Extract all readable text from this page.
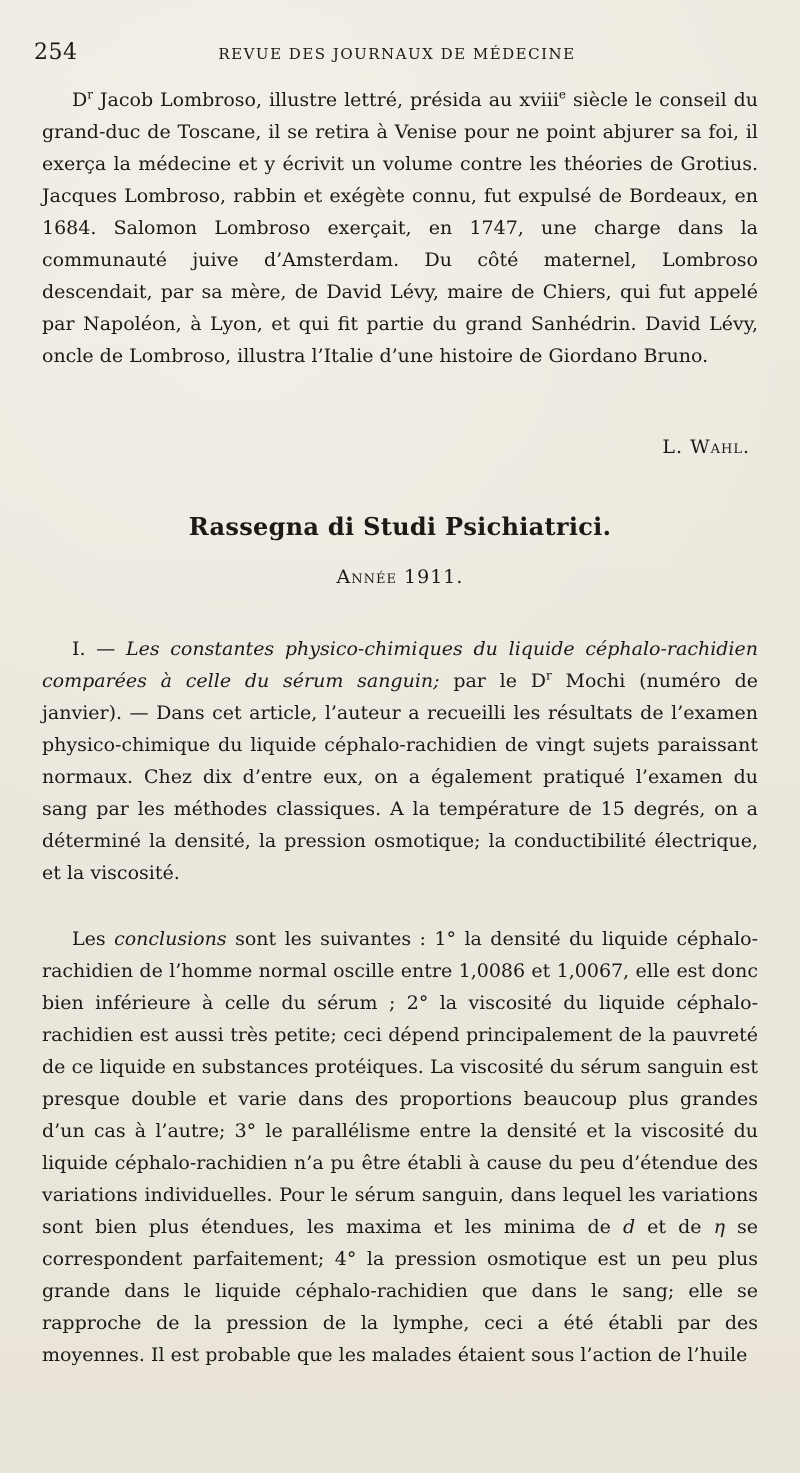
254	REVUE DES JOURNAUX DE MÉDECINE

$D^r$ Jacob Lombroso, illustre lettré, présida au xviii$^e$ siècle le conseil du grand-duc de Toscane, il se retira à Venise pour ne point abjurer sa foi, il exerça la médecine et y écrivit un volume contre les théories de Grotius. Jacques Lombroso, rabbin et exégète connu, fut expulsé de Bordeaux, en 1684. Salomon Lombroso exerçait, en 1747, une charge dans la communauté juive d’Amsterdam. Du côté maternel, Lombroso descendait, par sa mère, de David Lévy, maire de Chiers, qui fut appelé par Napoléon, à Lyon, et qui fit partie du grand Sanhédrin. David Lévy, oncle de Lombroso, illustra l’Italie d’une histoire de Giordano Bruno.

L. Wahl.
Rassegna di Studi Psichiatrici.
Année 1911.

I. — Les constantes physico-chimiques du liquide céphalo-rachidien comparées à celle du sérum sanguin; par le $D^r$ Mochi (numéro de janvier). — Dans cet article, l’auteur a recueilli les résultats de l’examen physico-chimique du liquide céphalo-rachidien de vingt sujets paraissant normaux. Chez dix d’entre eux, on a également pratiqué l’examen du sang par les méthodes classiques. A la température de 15 degrés, on a déterminé la densité, la pression osmotique; la conductibilité électrique, et la viscosité.

Les conclusions sont les suivantes : 1° la densité du liquide céphalo-rachidien de l’homme normal oscille entre 1,0086 et 1,0067, elle est donc bien inférieure à celle du sérum ; 2° la viscosité du liquide céphalo-rachidien est aussi très petite; ceci dépend principalement de la pauvreté de ce liquide en substances protéiques. La viscosité du sérum sanguin est presque double et varie dans des proportions beaucoup plus grandes d’un cas à l’autre; 3° le parallélisme entre la densité et la viscosité du liquide céphalo-rachidien n’a pu être établi à cause du peu d’étendue des variations individuelles. Pour le sérum sanguin, dans lequel les variations sont bien plus étendues, les maxima et les minima de d et de η se correspondent parfaitement; 4° la pression osmotique est un peu plus grande dans le liquide céphalo-rachidien que dans le sang; elle se rapproche de la pression de la lymphe, ceci a été établi par des moyennes. Il est probable que les malades étaient sous l’action de l’huile
